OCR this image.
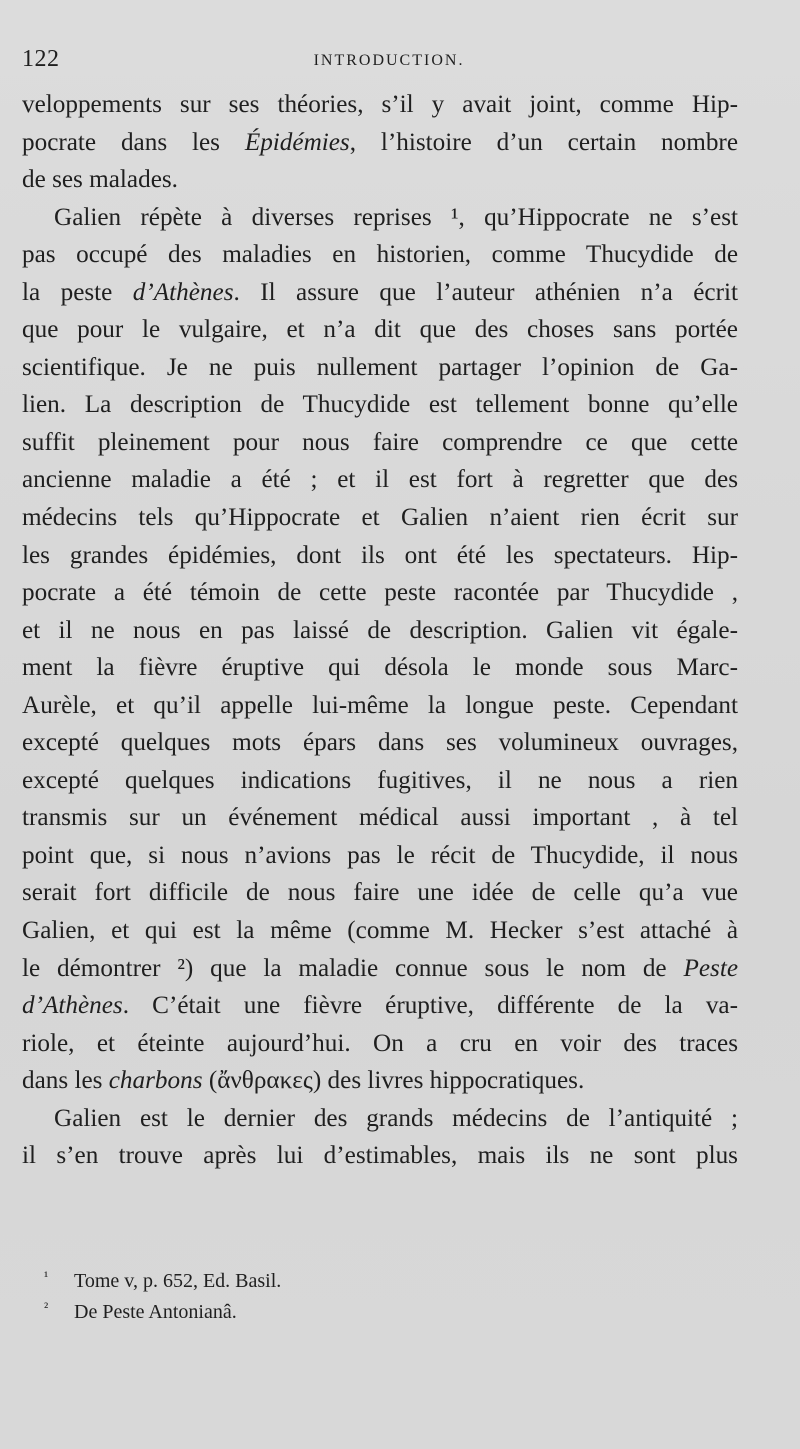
122	INTRODUCTION.
veloppements sur ses théories, s’il y avait joint, comme Hip-
pocrate dans les Épidémies, l’histoire d’un certain nombre
de ses malades.
Galien répète à diverses reprises ¹, qu’Hippocrate ne s’est
pas occupé des maladies en historien, comme Thucydide de
la peste d’Athènes. Il assure que l’auteur athénien n’a écrit
que pour le vulgaire, et n’a dit que des choses sans portée
scientifique. Je ne puis nullement partager l’opinion de Ga-
lien. La description de Thucydide est tellement bonne qu’elle
suffit pleinement pour nous faire comprendre ce que cette
ancienne maladie a été ; et il est fort à regretter que des
médecins tels qu’Hippocrate et Galien n’aient rien écrit sur
les grandes épidémies, dont ils ont été les spectateurs. Hip-
pocrate a été témoin de cette peste racontée par Thucydide ,
et il ne nous en pas laissé de description. Galien vit égale-
ment la fièvre éruptive qui désola le monde sous Marc-
Aurèle, et qu’il appelle lui-même la longue peste. Cependant
excepté quelques mots épars dans ses volumineux ouvrages,
excepté quelques indications fugitives, il ne nous a rien
transmis sur un événement médical aussi important , à tel
point que, si nous n’avions pas le récit de Thucydide, il nous
serait fort difficile de nous faire une idée de celle qu’a vue
Galien, et qui est la même (comme M. Hecker s’est attaché à
le démontrer ²) que la maladie connue sous le nom de Peste
d’Athènes. C’était une fièvre éruptive, différente de la va-
riole, et éteinte aujourd’hui. On a cru en voir des traces
dans les charbons (ἄνθρακες) des livres hippocratiques.
Galien est le dernier des grands médecins de l’antiquité ;
il s’en trouve après lui d’estimables, mais ils ne sont plus
¹ Tome v, p. 652, Ed. Basil.
² De Peste Antonianâ.
